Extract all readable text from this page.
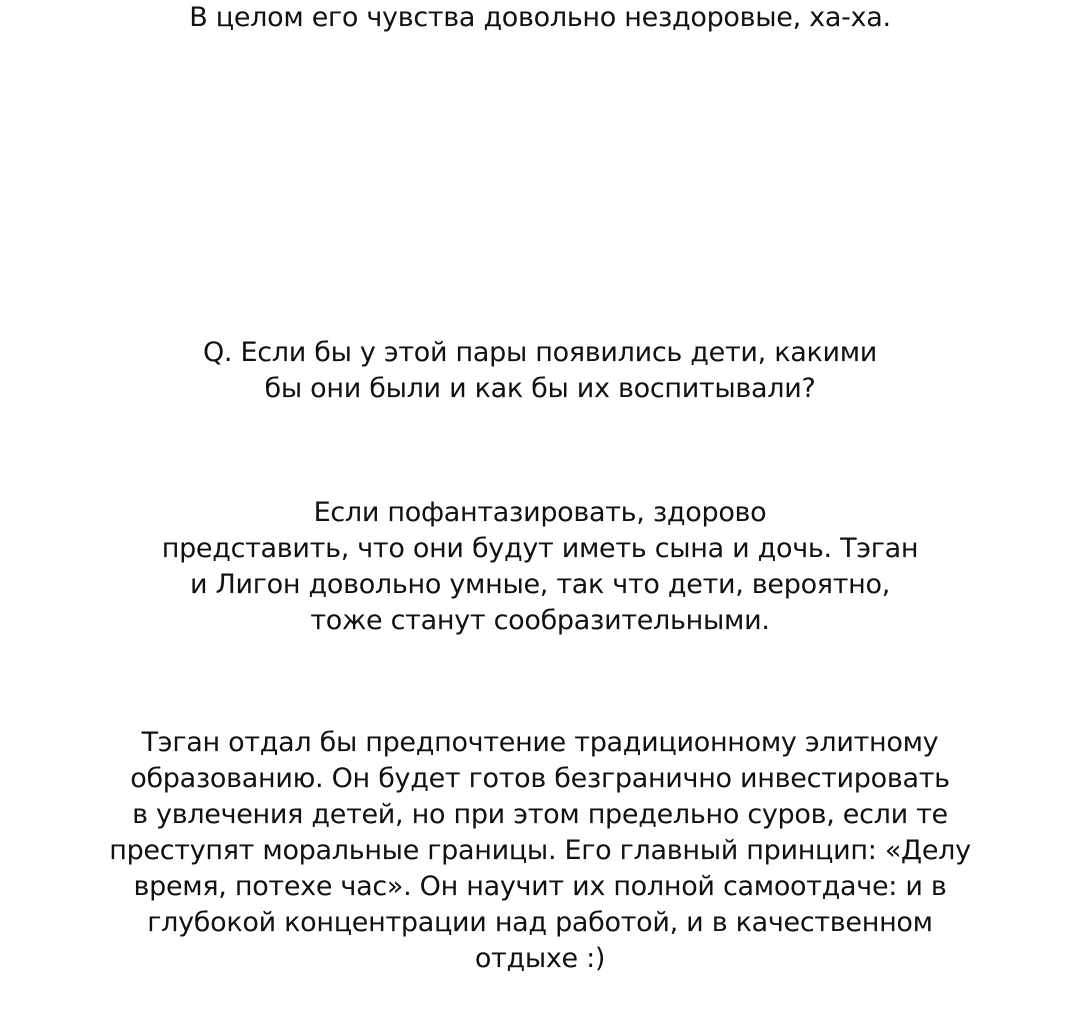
В целом его чувства довольно нездоровые, ха-ха.
Q. Если бы у этой пары появились дети, какими
бы они были и как бы их воспитывали?
Если пофантазировать, здорово
представить, что они будут иметь сына и дочь. Тэган
и Лигон довольно умные, так что дети, вероятно,
тоже станут сообразительными.
Тэган отдал бы предпочтение традиционному элитному
образованию. Он будет готов безгранично инвестировать
в увлечения детей, но при этом предельно суров, если те
преступят моральные границы. Его главный принцип: «Делу
время, потехе час». Он научит их полной самоотдаче: и в
глубокой концентрации над работой, и в качественном
отдыхе :)
